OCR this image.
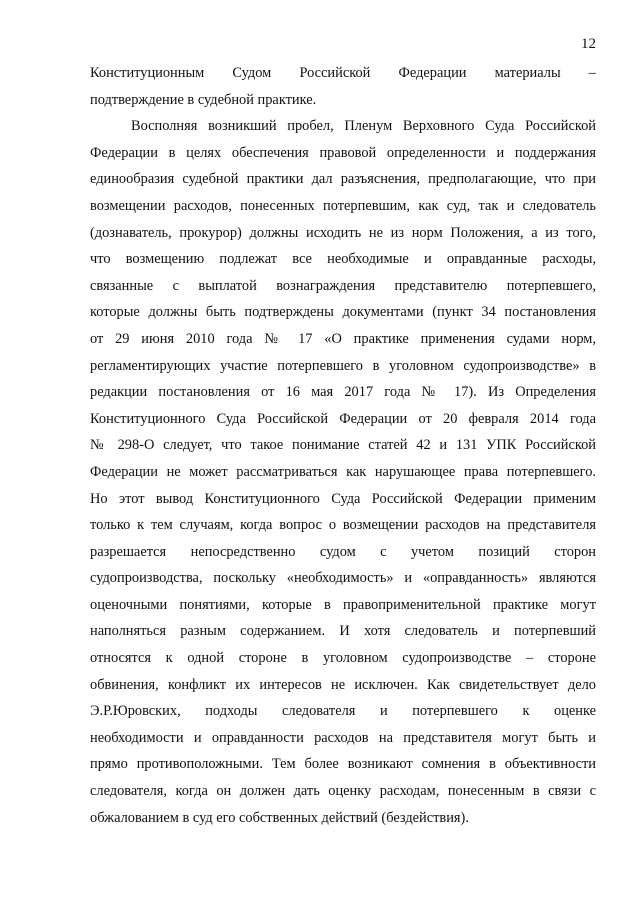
12

Конституционным Судом Российской Федерации материалы –
подтверждение в судебной практике.

Восполняя возникший пробел, Пленум Верховного Суда Российской
Федерации в целях обеспечения правовой определенности и поддержания
единообразия судебной практики дал разъяснения, предполагающие, что при
возмещении расходов, понесенных потерпевшим, как суд, так и следователь
(дознаватель, прокурор) должны исходить не из норм Положения, а из того,
что возмещению подлежат все необходимые и оправданные расходы,
связанные с выплатой вознаграждения представителю потерпевшего,
которые должны быть подтверждены документами (пункт 34 постановления
от 29 июня 2010 года № 17 «О практике применения судами норм,
регламентирующих участие потерпевшего в уголовном судопроизводстве» в
редакции постановления от 16 мая 2017 года № 17). Из Определения
Конституционного Суда Российской Федерации от 20 февраля 2014 года
№ 298-О следует, что такое понимание статей 42 и 131 УПК Российской
Федерации не может рассматриваться как нарушающее права потерпевшего.
Но этот вывод Конституционного Суда Российской Федерации применим
только к тем случаям, когда вопрос о возмещении расходов на представителя
разрешается непосредственно судом с учетом позиций сторон
судопроизводства, поскольку «необходимость» и «оправданность» являются
оценочными понятиями, которые в правоприменительной практике могут
наполняться разным содержанием. И хотя следователь и потерпевший
относятся к одной стороне в уголовном судопроизводстве – стороне
обвинения, конфликт их интересов не исключен. Как свидетельствует дело
Э.Р.Юровских, подходы следователя и потерпевшего к оценке
необходимости и оправданности расходов на представителя могут быть и
прямо противоположными. Тем более возникают сомнения в объективности
следователя, когда он должен дать оценку расходам, понесенным в связи с
обжалованием в суд его собственных действий (бездействия).
